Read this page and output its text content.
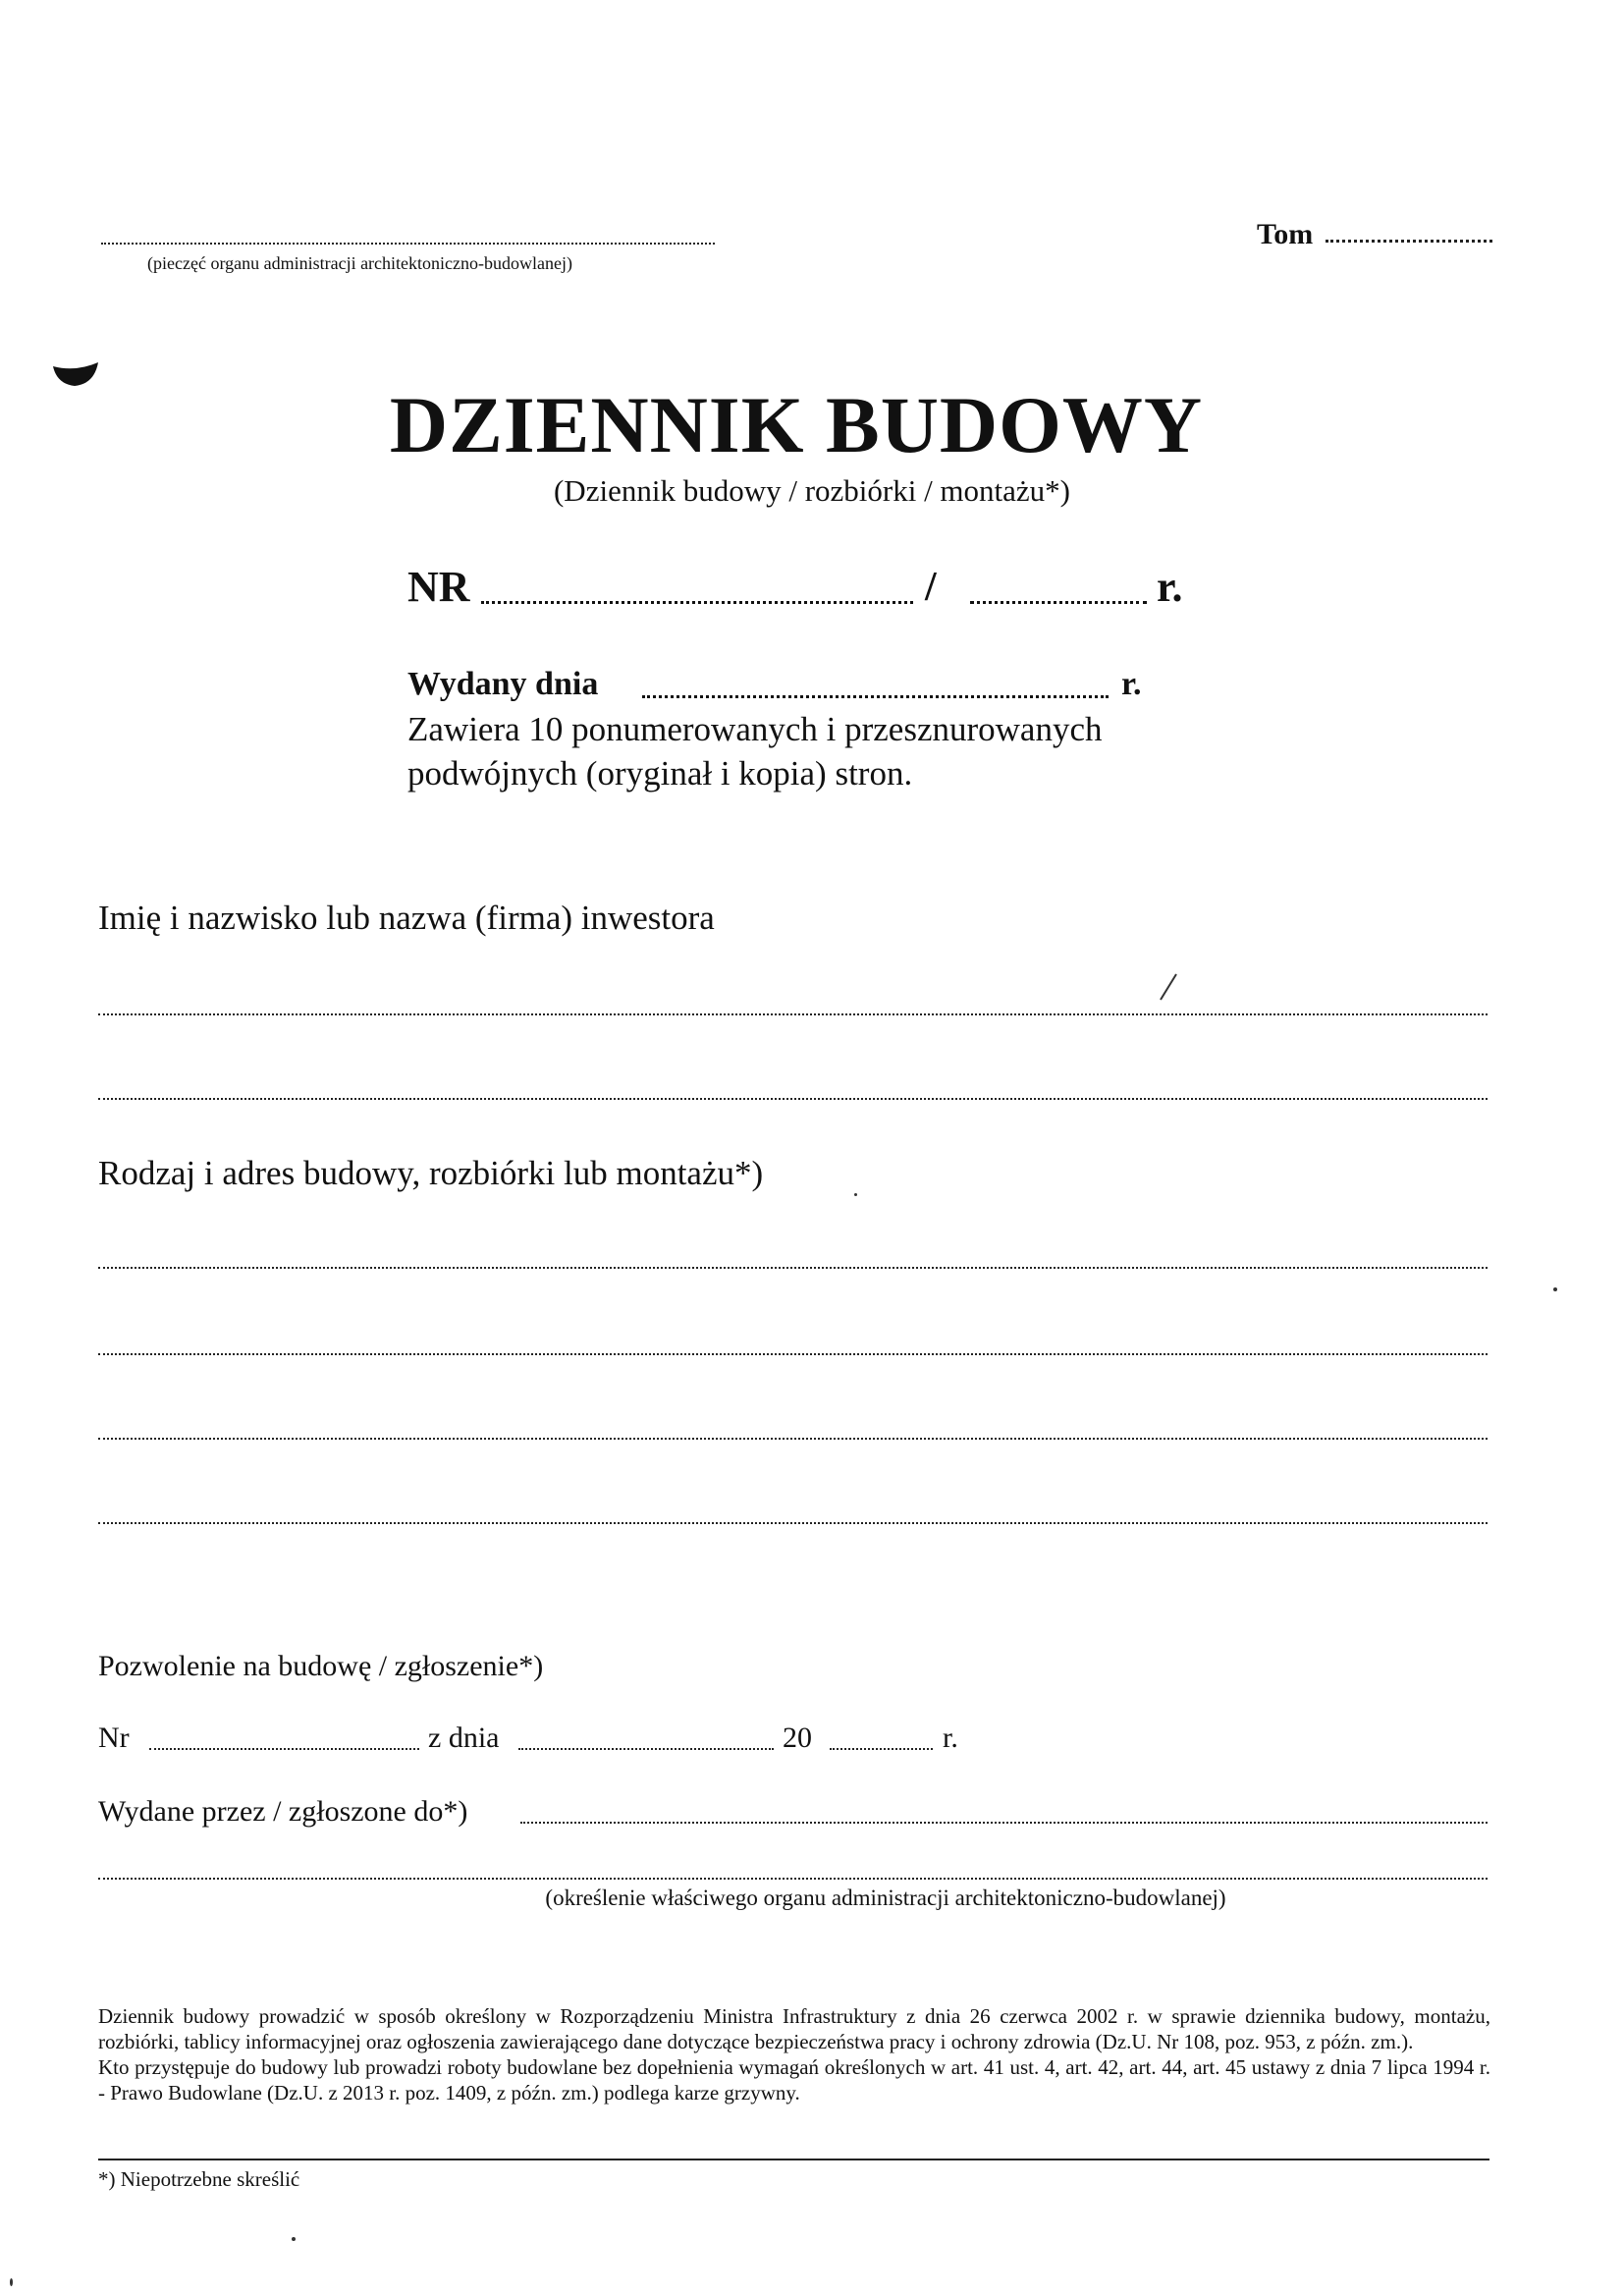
(pieczęć organu administracji architektoniczno-budowlanej)
Tom
DZIENNIK BUDOWY
(Dziennik budowy / rozbiórki / montażu*)
NR	/	r.
Wydany dnia	r.
Zawiera 10 ponumerowanych i przesznurowanych podwójnych (oryginał i kopia) stron.
Imię i nazwisko lub nazwa (firma) inwestora
Rodzaj i adres budowy, rozbiórki lub montażu*)
Pozwolenie na budowę / zgłoszenie*)
Nr	z dnia	20	r.
Wydane przez / zgłoszone do*)
(określenie właściwego organu administracji architektoniczno-budowlanej)

Dziennik budowy prowadzić w sposób określony w Rozporządzeniu Ministra Infrastruktury z dnia 26 czerwca 2002 r. w sprawie dziennika budowy, montażu, rozbiórki, tablicy informacyjnej oraz ogłoszenia zawierającego dane dotyczące bezpieczeństwa pracy i ochrony zdrowia (Dz.U. Nr 108, poz. 953, z późn. zm.).

Kto przystępuje do budowy lub prowadzi roboty budowlane bez dopełnienia wymagań określonych w art. 41 ust. 4, art. 42, art. 44, art. 45 ustawy z dnia 7 lipca 1994 r. - Prawo Budowlane (Dz.U. z 2013 r. poz. 1409, z późn. zm.) podlega karze grzywny.

*) Niepotrzebne skreślić
